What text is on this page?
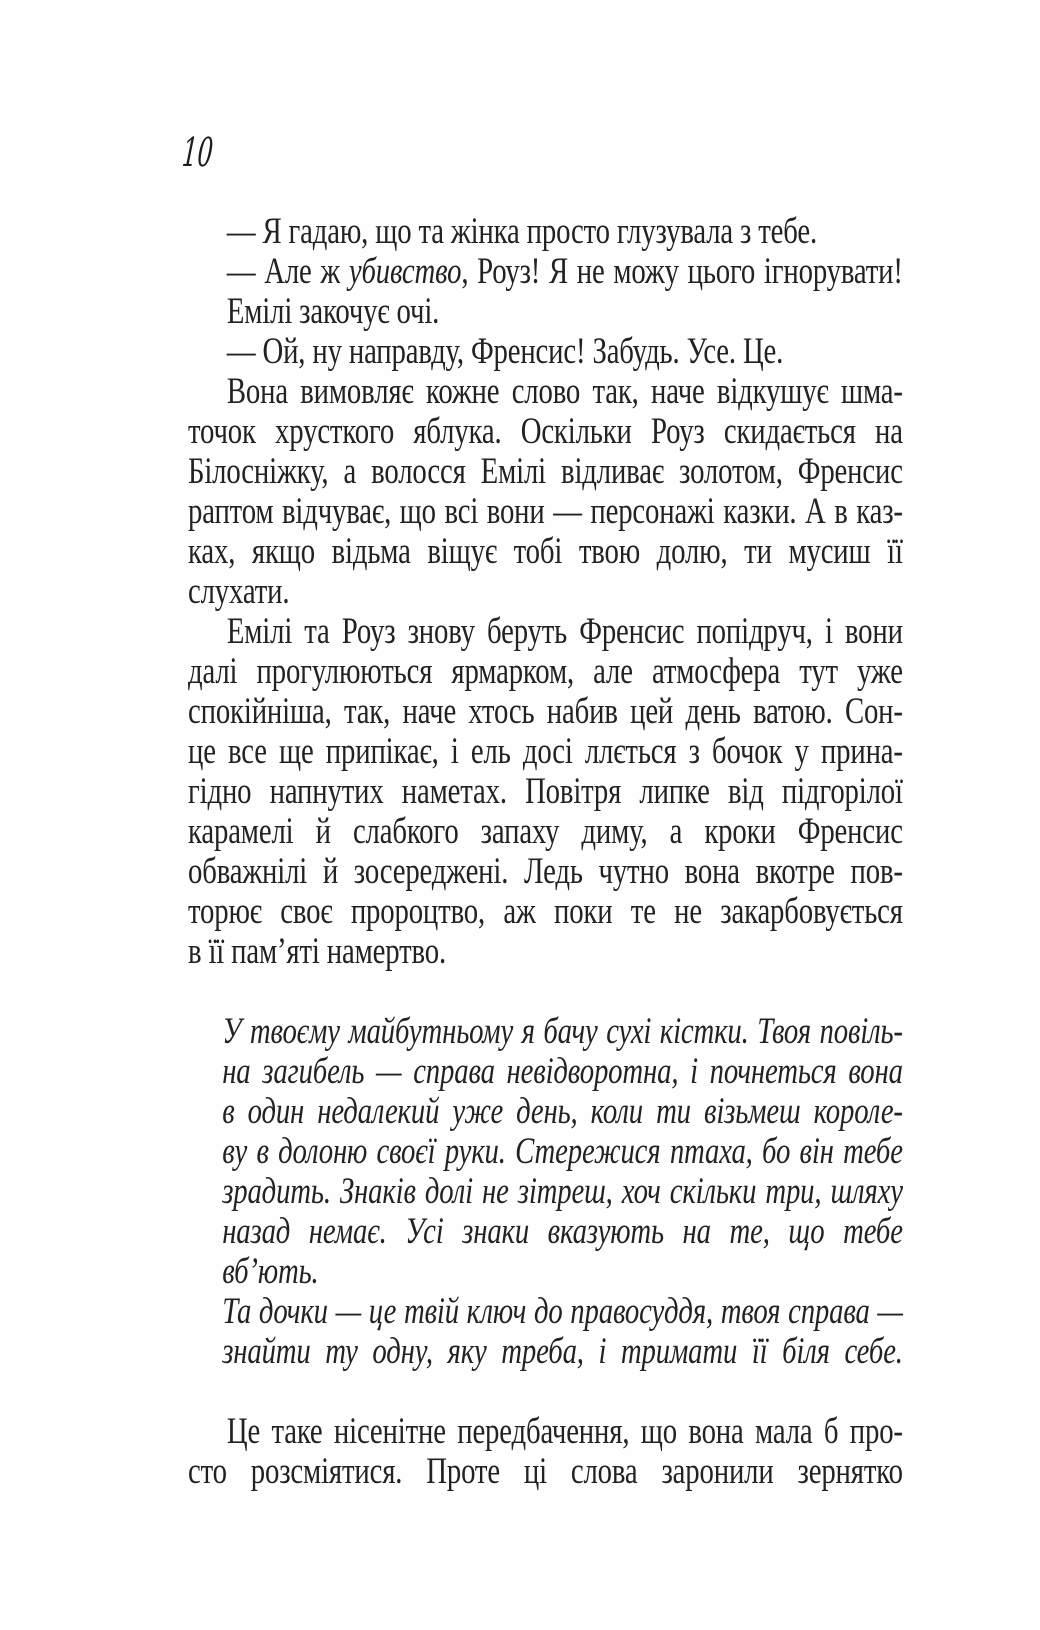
10
— Я гадаю, що та жінка просто глузувала з тебе.
— Але ж убивство, Роуз! Я не можу цього ігнорувати!
Емілі закочує очі.
— Ой, ну направду, Френсис! Забудь. Усе. Це.
Вона вимовляє кожне слово так, наче відкушує шма-
точок хрусткого яблука. Оскільки Роуз скидається на
Білосніжку, а волосся Емілі відливає золотом, Френсис
раптом відчуває, що всі вони — персонажі казки. А в каз-
ках, якщо відьма віщує тобі твою долю, ти мусиш її
слухати.
Емілі та Роуз знову беруть Френсис попідруч, і вони
далі прогулюються ярмарком, але атмосфера тут уже
спокійніша, так, наче хтось набив цей день ватою. Сон-
це все ще припікає, і ель досі ллється з бочок у прина-
гідно напнутих наметах. Повітря липке від підгорілої
карамелі й слабкого запаху диму, а кроки Френсис
обважнілі й зосереджені. Ледь чутно вона вкотре пов-
торює своє пророцтво, аж поки те не закарбовується
в її пам’яті намертво.
У твоєму майбутньому я бачу сухі кістки. Твоя повіль-
на загибель — справа невідворотна, і почнеться вона
в один недалекий уже день, коли ти візьмеш короле-
ву в долоню своєї руки. Стережися птаха, бо він тебе
зрадить. Знаків долі не зітреш, хоч скільки три, шляху
назад немає. Усі знаки вказують на те, що тебе вб’ють.
Та дочки — це твій ключ до правосуддя, твоя справа —
знайти ту одну, яку треба, і тримати її біля себе.
Це таке нісенітне передбачення, що вона мала б про-
сто розсміятися. Проте ці слова заронили зернятко
